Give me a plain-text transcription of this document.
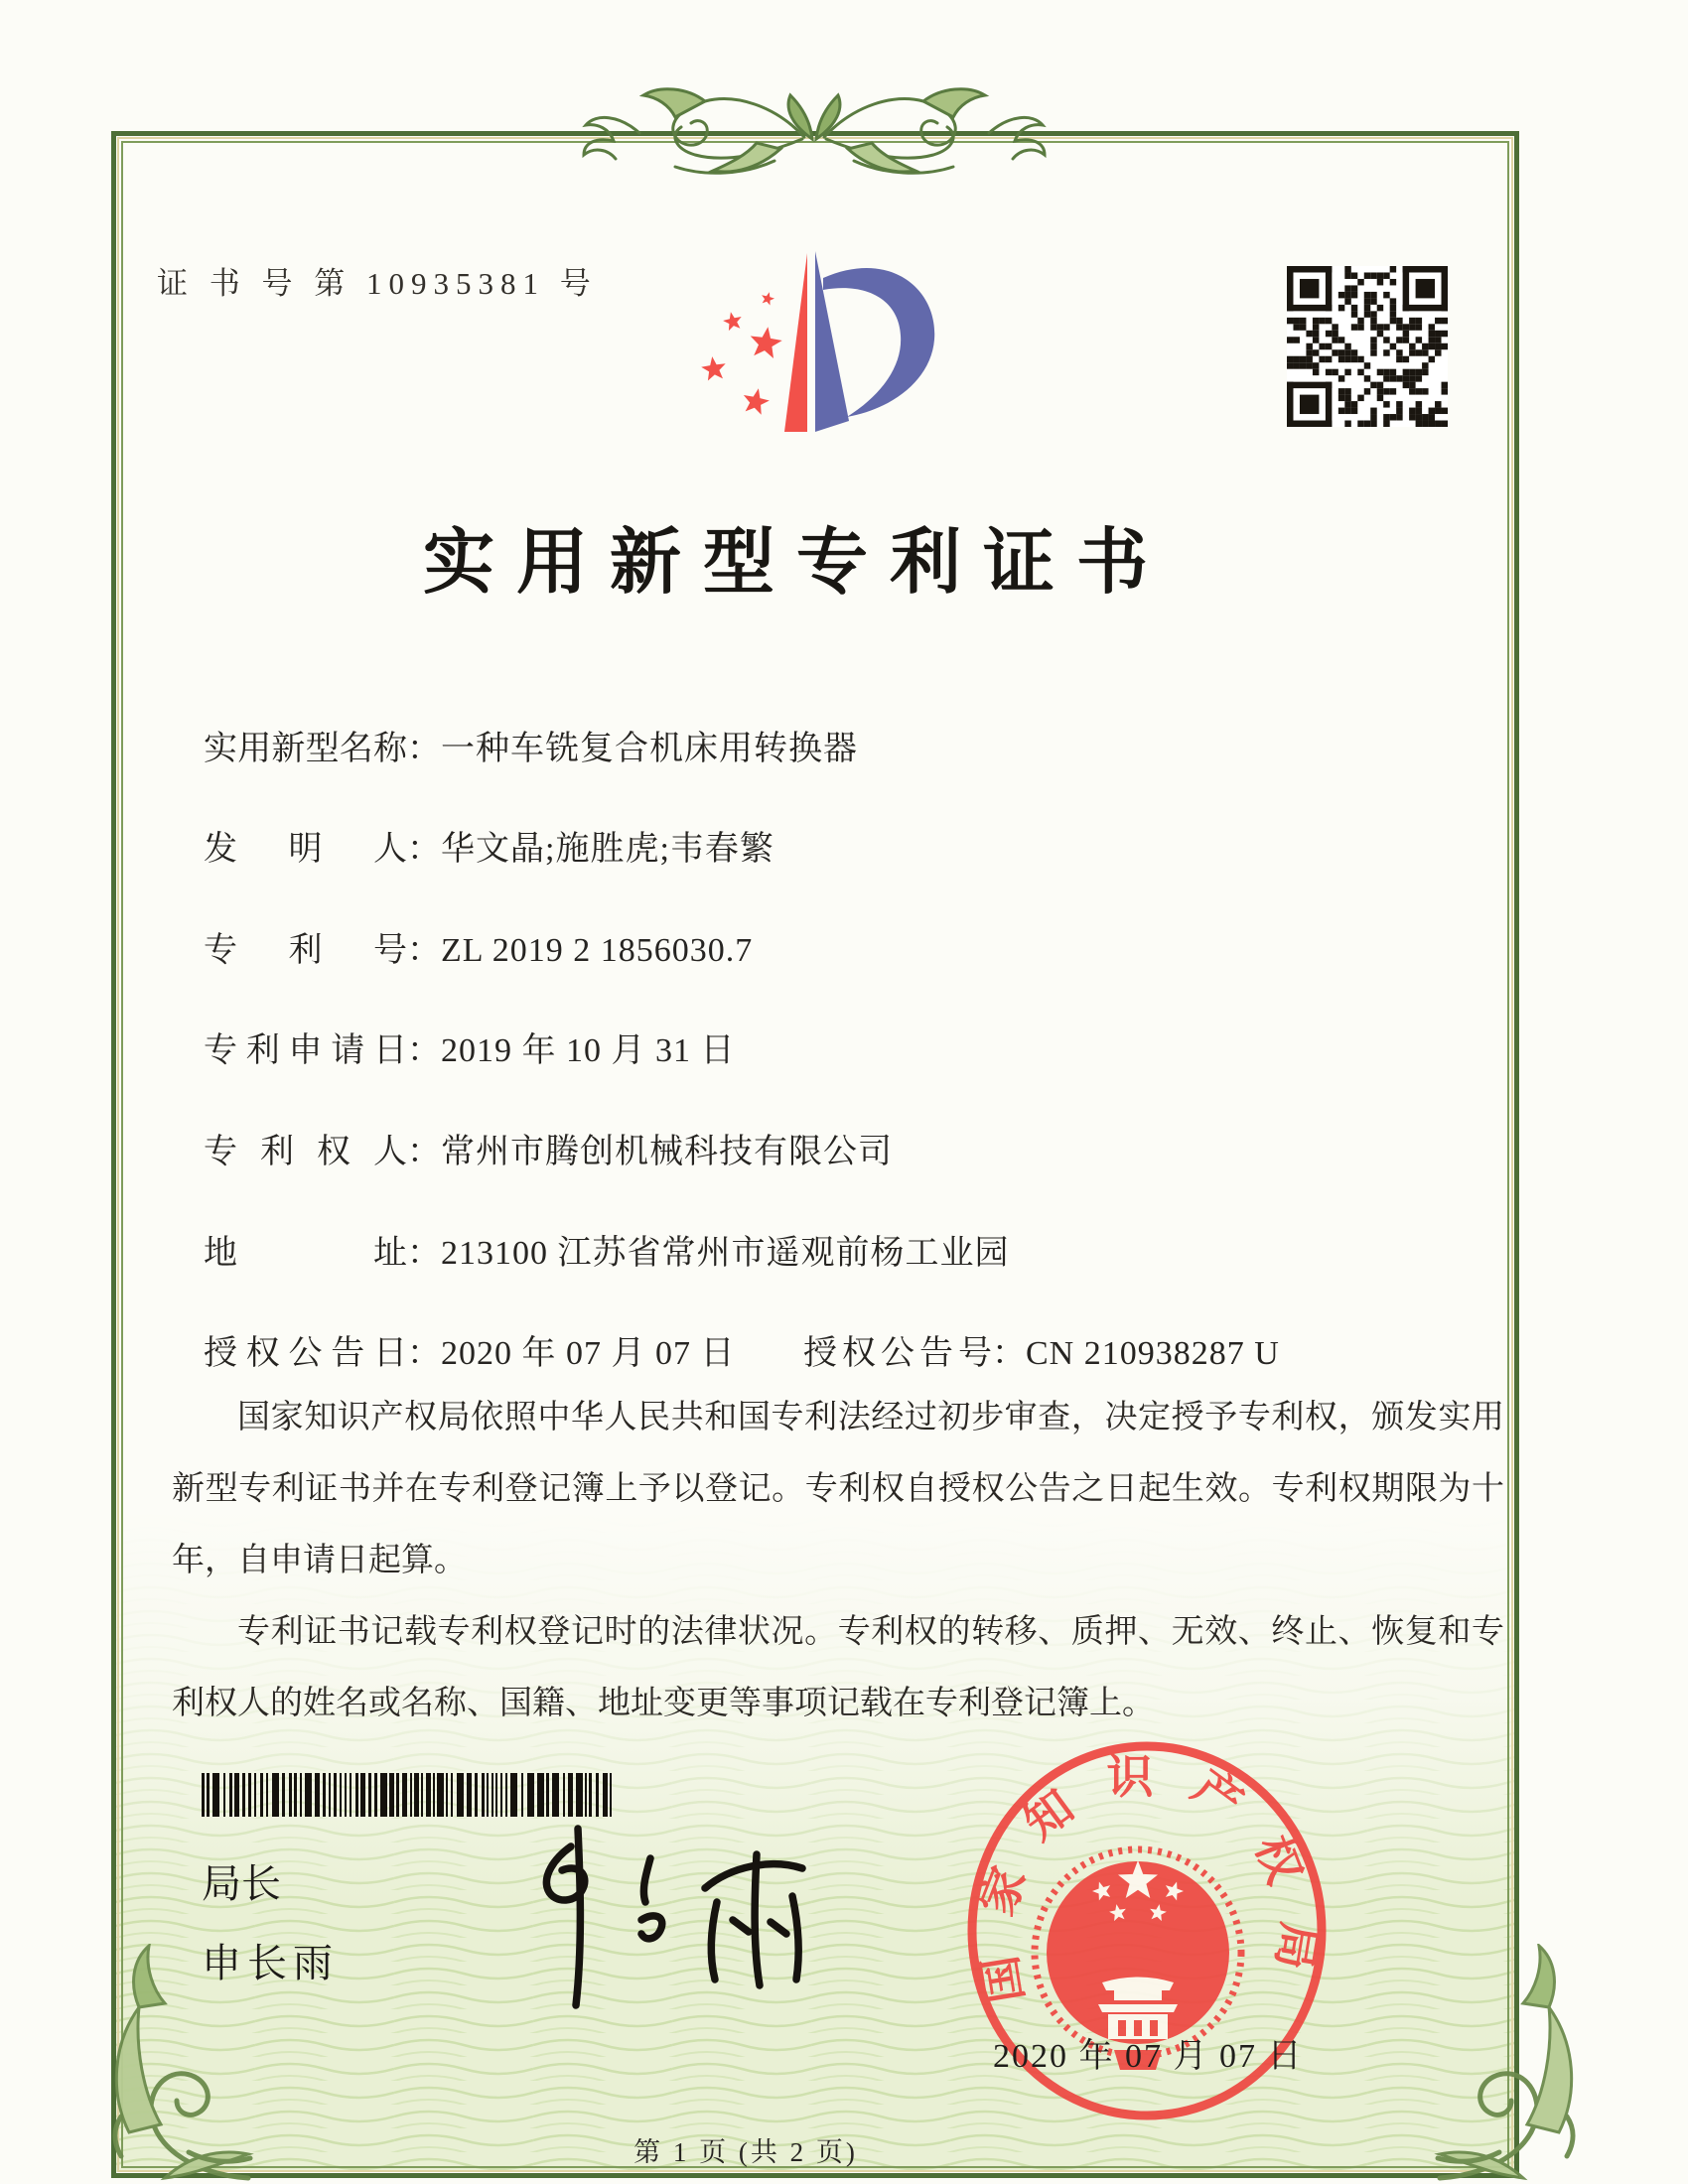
证 书 号 第 10935381 号
实用新型专利证书
实用新型名称：一种车铣复合机床用转换器
发明人：华文晶;施胜虎;韦春繁
专利号：ZL 2019 2 1856030.7
专利申请日：2019 年 10 月 31 日
专利权人：常州市腾创机械科技有限公司
地址：213100 江苏省常州市遥观前杨工业园
授权公告日：2020 年 07 月 07 日 授权公告号：CN 210938287 U

国家知识产权局依照中华人民共和国专利法经过初步审查，决定授予专利权，颁发实用新型专利证书并在专利登记簿上予以登记。专利权自授权公告之日起生效。专利权期限为十年，自申请日起算。

专利证书记载专利权登记时的法律状况。专利权的转移、质押、无效、终止、恢复和专利权人的姓名或名称、国籍、地址变更等事项记载在专利登记簿上。

局长
申长雨	国家知识产权局
2020 年 07 月 07 日
第 1 页 (共 2 页)
